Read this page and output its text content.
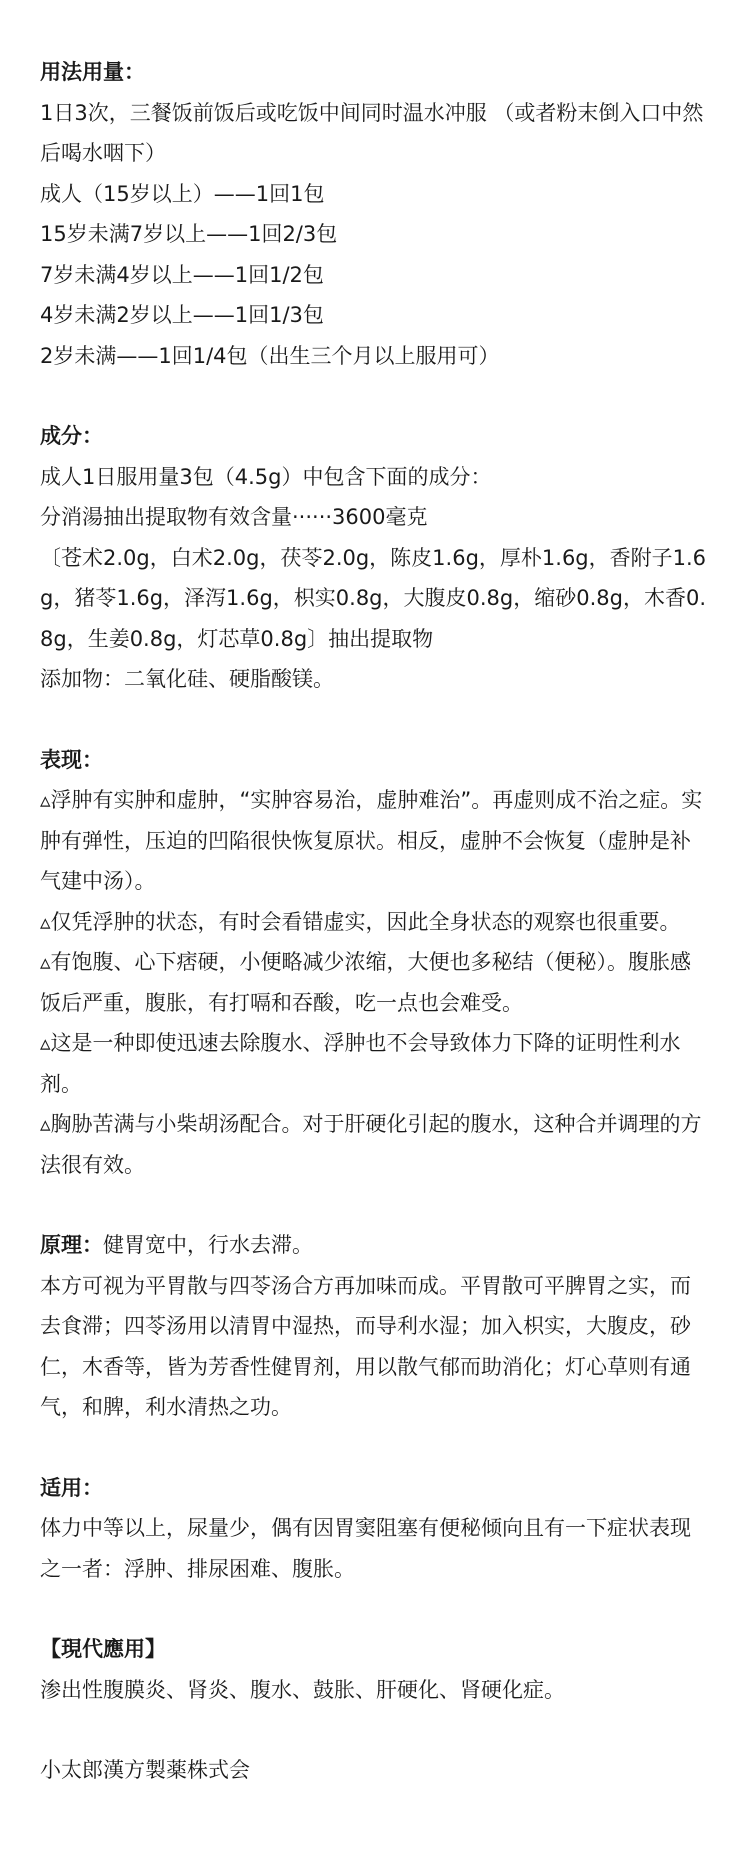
用法用量：

1日3次，三餐饭前饭后或吃饭中间同时温水冲服 （或者粉末倒入口中然后喝水咽下）

成人（15岁以上）——1回1包

15岁未满7岁以上——1回2/3包

7岁未满4岁以上——1回1/2包

4岁未满2岁以上——1回1/3包

2岁未满——1回1/4包（出生三个月以上服用可）

成分：

成人1日服用量3包（4.5g）中包含下面的成分：

分消湯抽出提取物有效含量······3600毫克

〔苍术2.0g，白术2.0g，茯苓2.0g，陈皮1.6g，厚朴1.6g，香附子1.6g，猪苓1.6g，泽泻1.6g，枳实0.8g，大腹皮0.8g，缩砂0.8g，木香0.8g，生姜0.8g，灯芯草0.8g〕抽出提取物

添加物：二氧化硅、硬脂酸镁。

表现：

▵浮肿有实肿和虚肿，“实肿容易治，虚肿难治”。再虚则成不治之症。实肿有弹性，压迫的凹陷很快恢复原状。相反，虚肿不会恢复（虚肿是补气建中汤）。

▵仅凭浮肿的状态，有时会看错虚实，因此全身状态的观察也很重要。

▵有饱腹、心下痞硬，小便略减少浓缩，大便也多秘结（便秘）。腹胀感饭后严重，腹胀，有打嗝和吞酸，吃一点也会难受。

▵这是一种即使迅速去除腹水、浮肿也不会导致体力下降的证明性利水剂。

▵胸胁苦满与小柴胡汤配合。对于肝硬化引起的腹水，这种合并调理的方法很有效。

原理：健胃宽中，行水去滞。

本方可视为平胃散与四苓汤合方再加味而成。平胃散可平脾胃之实，而去食滞；四苓汤用以清胃中湿热，而导利水湿；加入枳实，大腹皮，砂仁，木香等，皆为芳香性健胃剂，用以散气郁而助消化；灯心草则有通气，和脾，利水清热之功。

适用：

体力中等以上，尿量少，偶有因胃窦阻塞有便秘倾向且有一下症状表现之一者：浮肿、排尿困难、腹胀。

【現代應用】

渗出性腹膜炎、肾炎、腹水、鼓胀、肝硬化、肾硬化症。

小太郎漢方製薬株式会
